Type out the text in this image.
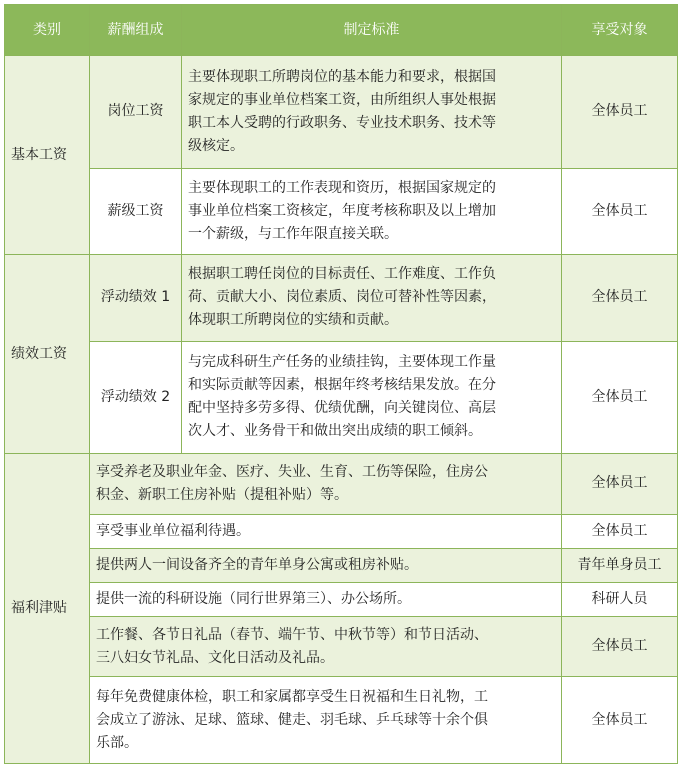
类别	薪酬组成	制定标准	享受对象
基本工资	岗位工资	主要体现职工所聘岗位的基本能力和要求，根据国
家规定的事业单位档案工资，由所组织人事处根据
职工本人受聘的行政职务、专业技术职务、技术等
级核定。	全体员工
	薪级工资	主要体现职工的工作表现和资历，根据国家规定的
事业单位档案工资核定，年度考核称职及以上增加
一个薪级，与工作年限直接关联。	全体员工
绩效工资	浮动绩效 1	根据职工聘任岗位的目标责任、工作难度、工作负
荷、贡献大小、岗位素质、岗位可替补性等因素，
体现职工所聘岗位的实绩和贡献。	全体员工
	浮动绩效 2	与完成科研生产任务的业绩挂钩，主要体现工作量
和实际贡献等因素，根据年终考核结果发放。在分
配中坚持多劳多得、优绩优酬，向关键岗位、高层
次人才、业务骨干和做出突出成绩的职工倾斜。	全体员工
福利津贴	享受养老及职业年金、医疗、失业、生育、工伤等保险，住房公
积金、新职工住房补贴（提租补贴）等。		全体员工

	享受事业单位福利待遇。		全体员工

	提供两人一间设备齐全的青年单身公寓或租房补贴。		青年单身员工

	提供一流的科研设施（同行世界第三）、办公场所。		科研人员

	工作餐、各节日礼品（春节、端午节、中秋节等）和节日活动、
三八妇女节礼品、文化日活动及礼品。		全体员工

	每年免费健康体检，职工和家属都享受生日祝福和生日礼物，工
会成立了游泳、足球、篮球、健走、羽毛球、乒乓球等十余个俱
乐部。		全体员工
